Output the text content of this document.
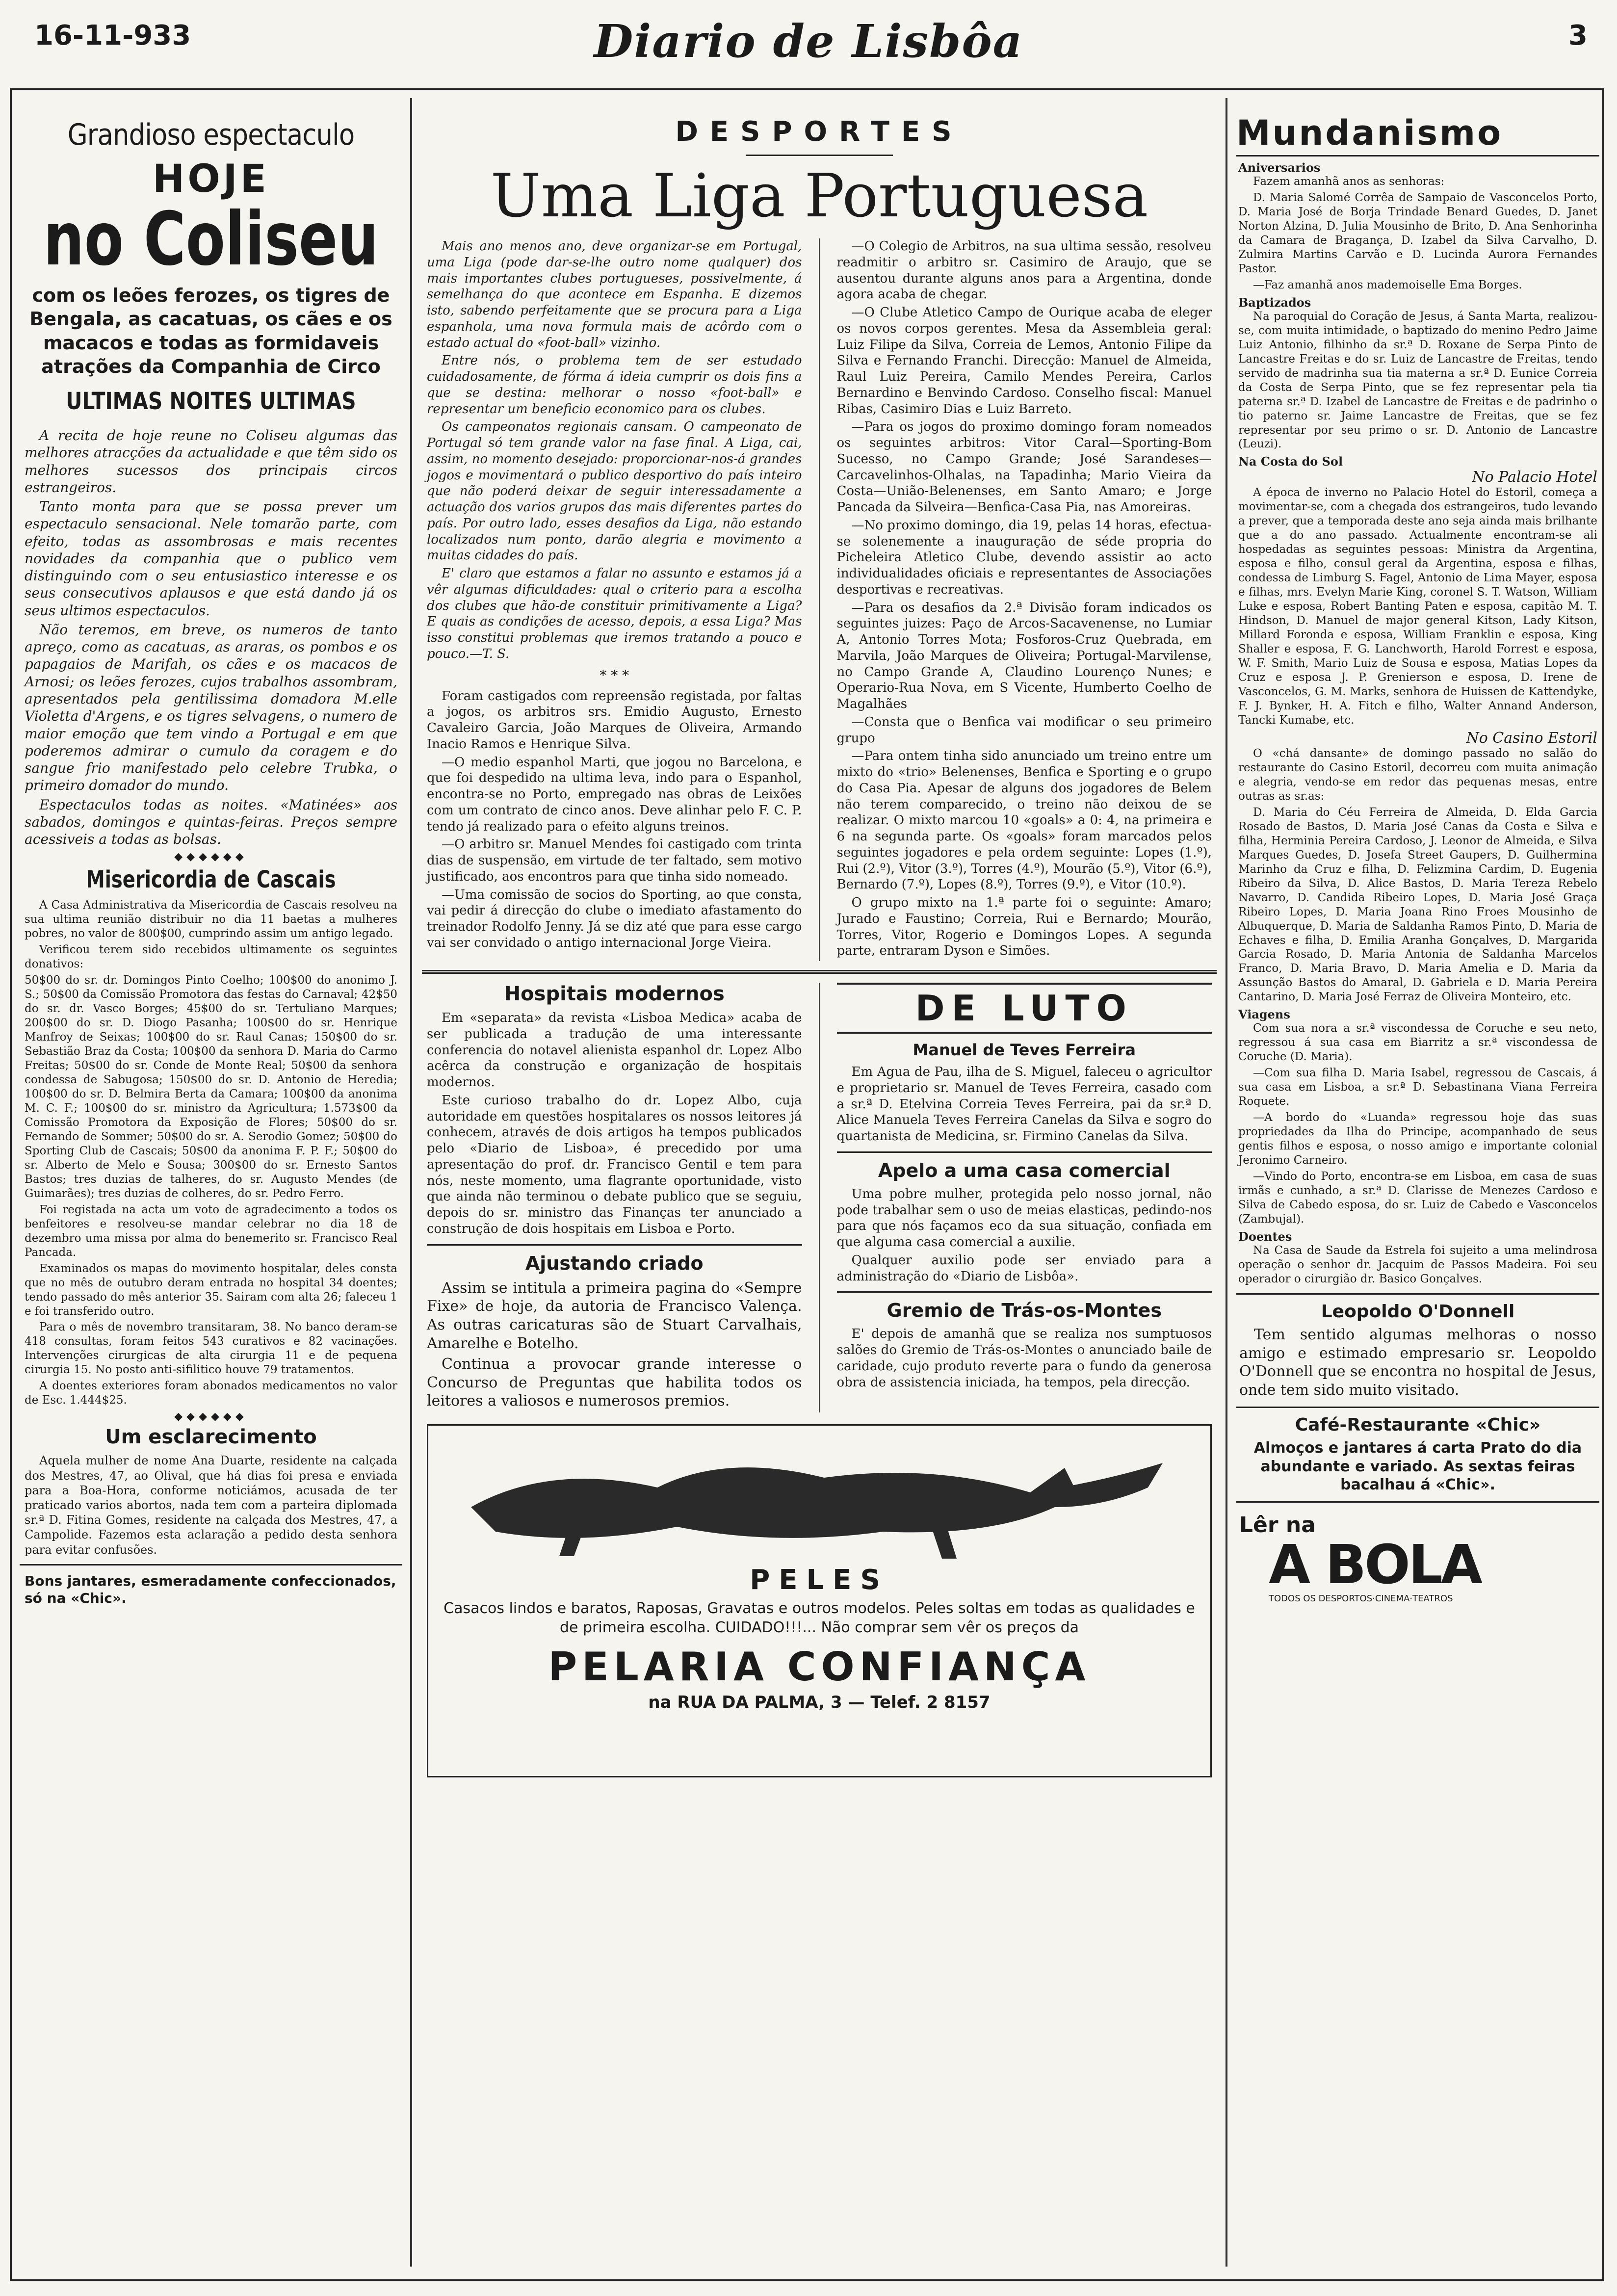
16-11-933	Diario de Lisbôa	3
Grandioso espectaculo
HOJE
no Coliseu
com os leões ferozes, os tigres de Bengala, as cacatuas, os cães e os macacos e todas as formidaveis atrações da Companhia de Circo
ULTIMAS NOITES ULTIMAS

A recita de hoje reune no Coliseu algumas das melhores atracções da actualidade e que têm sido os melhores sucessos dos principais circos estrangeiros.

Tanto monta para que se possa prever um espectaculo sensacional. Nele tomarão parte, com efeito, todas as assombrosas e mais recentes novidades da companhia que o publico vem distinguindo com o seu entusiastico interesse e os seus consecutivos aplausos e que está dando já os seus ultimos espectaculos.

Não teremos, em breve, os numeros de tanto apreço, como as cacatuas, as araras, os pombos e os papagaios de Marifah, os cães e os macacos de Arnosi; os leões ferozes, cujos trabalhos assombram, apresentados pela gentilissima domadora M.elle Violetta d'Argens, e os tigres selvagens, o numero de maior emoção que tem vindo a Portugal e em que poderemos admirar o cumulo da coragem e do sangue frio manifestado pelo celebre Trubka, o primeiro domador do mundo.

Espectaculos todas as noites. «Matinées» aos sabados, domingos e quintas-feiras. Preços sempre acessiveis a todas as bolsas.

◆◆◆◆◆◆
Misericordia de Cascais

A Casa Administrativa da Misericordia de Cascais resolveu na sua ultima reunião distribuir no dia 11 baetas a mulheres pobres, no valor de 800$00, cumprindo assim um antigo legado.

Verificou terem sido recebidos ultimamente os seguintes donativos:

50$00 do sr. dr. Domingos Pinto Coelho; 100$00 do anonimo J. S.; 50$00 da Comissão Promotora das festas do Carnaval; 42$50 do sr. dr. Vasco Borges; 45$00 do sr. Tertuliano Marques; 200$00 do sr. D. Diogo Pasanha; 100$00 do sr. Henrique Manfroy de Seixas; 100$00 do sr. Raul Canas; 150$00 do sr. Sebastião Braz da Costa; 100$00 da senhora D. Maria do Carmo Freitas; 50$00 do sr. Conde de Monte Real; 50$00 da senhora condessa de Sabugosa; 150$00 do sr. D. Antonio de Heredia; 100$00 do sr. D. Belmira Berta da Camara; 100$00 da anonima M. C. F.; 100$00 do sr. ministro da Agricultura; 1.573$00 da Comissão Promotora da Exposição de Flores; 50$00 do sr. Fernando de Sommer; 50$00 do sr. A. Serodio Gomez; 50$00 do Sporting Club de Cascais; 50$00 da anonima F. P. F.; 50$00 do sr. Alberto de Melo e Sousa; 300$00 do sr. Ernesto Santos Bastos; tres duzias de talheres, do sr. Augusto Mendes (de Guimarães); tres duzias de colheres, do sr. Pedro Ferro.

Foi registada na acta um voto de agradecimento a todos os benfeitores e resolveu-se mandar celebrar no dia 18 de dezembro uma missa por alma do benemerito sr. Francisco Real Pancada.

Examinados os mapas do movimento hospitalar, deles consta que no mês de outubro deram entrada no hospital 34 doentes; tendo passado do mês anterior 35. Sairam com alta 26; faleceu 1 e foi transferido outro.

Para o mês de novembro transitaram, 38. No banco deram-se 418 consultas, foram feitos 543 curativos e 82 vacinações. Intervenções cirurgicas de alta cirurgia 11 e de pequena cirurgia 15. No posto anti-sifilitico houve 79 tratamentos.

A doentes exteriores foram abonados medicamentos no valor de Esc. 1.444$25.

◆◆◆◆◆◆
Um esclarecimento

Aquela mulher de nome Ana Duarte, residente na calçada dos Mestres, 47, ao Olival, que há dias foi presa e enviada para a Boa-Hora, conforme noticiámos, acusada de ter praticado varios abortos, nada tem com a parteira diplomada sr.ª D. Fitina Gomes, residente na calçada dos Mestres, 47, a Campolide. Fazemos esta aclaração a pedido desta senhora para evitar confusões.

Bons jantares, esmeradamente confeccionados, só na «Chic».

DESPORTES
Uma Liga Portuguesa

Mais ano menos ano, deve organizar-se em Portugal, uma Liga (pode dar-se-lhe outro nome qualquer) dos mais importantes clubes portugueses, possivelmente, á semelhança do que acontece em Espanha. E dizemos isto, sabendo perfeitamente que se procura para a Liga espanhola, uma nova formula mais de acôrdo com o estado actual do «foot-ball» vizinho.

Entre nós, o problema tem de ser estudado cuidadosamente, de fórma á ideia cumprir os dois fins a que se destina: melhorar o nosso «foot-ball» e representar um beneficio economico para os clubes.

Os campeonatos regionais cansam. O campeonato de Portugal só tem grande valor na fase final. A Liga, cai, assim, no momento desejado: proporcionar-nos-á grandes jogos e movimentará o publico desportivo do país inteiro que não poderá deixar de seguir interessadamente a actuação dos varios grupos das mais diferentes partes do país. Por outro lado, esses desafios da Liga, não estando localizados num ponto, darão alegria e movimento a muitas cidades do país.

E' claro que estamos a falar no assunto e estamos já a vêr algumas dificuldades: qual o criterio para a escolha dos clubes que hão-de constituir primitivamente a Liga? E quais as condições de acesso, depois, a essa Liga? Mas isso constitui problemas que iremos tratando a pouco e pouco.—T. S.

* * *

Foram castigados com repreensão registada, por faltas a jogos, os arbitros srs. Emidio Augusto, Ernesto Cavaleiro Garcia, João Marques de Oliveira, Armando Inacio Ramos e Henrique Silva.

—O medio espanhol Marti, que jogou no Barcelona, e que foi despedido na ultima leva, indo para o Espanhol, encontra-se no Porto, empregado nas obras de Leixões com um contrato de cinco anos. Deve alinhar pelo F. C. P. tendo já realizado para o efeito alguns treinos.

—O arbitro sr. Manuel Mendes foi castigado com trinta dias de suspensão, em virtude de ter faltado, sem motivo justificado, aos encontros para que tinha sido nomeado.

—Uma comissão de socios do Sporting, ao que consta, vai pedir á direcção do clube o imediato afastamento do treinador Rodolfo Jenny. Já se diz até que para esse cargo vai ser convidado o antigo internacional Jorge Vieira.

—O Colegio de Arbitros, na sua ultima sessão, resolveu readmitir o arbitro sr. Casimiro de Araujo, que se ausentou durante alguns anos para a Argentina, donde agora acaba de chegar.

—O Clube Atletico Campo de Ourique acaba de eleger os novos corpos gerentes. Mesa da Assembleia geral: Luiz Filipe da Silva, Correia de Lemos, Antonio Filipe da Silva e Fernando Franchi. Direcção: Manuel de Almeida, Raul Luiz Pereira, Camilo Mendes Pereira, Carlos Bernardino e Benvindo Cardoso. Conselho fiscal: Manuel Ribas, Casimiro Dias e Luiz Barreto.

—Para os jogos do proximo domingo foram nomeados os seguintes arbitros: Vitor Caral—Sporting-Bom Sucesso, no Campo Grande; José Sarandeses—Carcavelinhos-Olhalas, na Tapadinha; Mario Vieira da Costa—União-Belenenses, em Santo Amaro; e Jorge Pancada da Silveira—Benfica-Casa Pia, nas Amoreiras.

—No proximo domingo, dia 19, pelas 14 horas, efectua-se solenemente a inauguração de séde propria do Picheleira Atletico Clube, devendo assistir ao acto individualidades oficiais e representantes de Associações desportivas e recreativas.

—Para os desafios da 2.ª Divisão foram indicados os seguintes juizes: Paço de Arcos-Sacavenense, no Lumiar A, Antonio Torres Mota; Fosforos-Cruz Quebrada, em Marvila, João Marques de Oliveira; Portugal-Marvilense, no Campo Grande A, Claudino Lourenço Nunes; e Operario-Rua Nova, em S Vicente, Humberto Coelho de Magalhães

—Consta que o Benfica vai modificar o seu primeiro grupo

—Para ontem tinha sido anunciado um treino entre um mixto do «trio» Belenenses, Benfica e Sporting e o grupo do Casa Pia. Apesar de alguns dos jogadores de Belem não terem comparecido, o treino não deixou de se realizar. O mixto marcou 10 «goals» a 0: 4, na primeira e 6 na segunda parte. Os «goals» foram marcados pelos seguintes jogadores e pela ordem seguinte: Lopes (1.º), Rui (2.º), Vitor (3.º), Torres (4.º), Mourão (5.º), Vitor (6.º), Bernardo (7.º), Lopes (8.º), Torres (9.º), e Vitor (10.º).

O grupo mixto na 1.ª parte foi o seguinte: Amaro; Jurado e Faustino; Correia, Rui e Bernardo; Mourão, Torres, Vitor, Rogerio e Domingos Lopes. A segunda parte, entraram Dyson e Simões.

Hospitais modernos

Em «separata» da revista «Lisboa Medica» acaba de ser publicada a tradução de uma interessante conferencia do notavel alienista espanhol dr. Lopez Albo acêrca da construção e organização de hospitais modernos.

Este curioso trabalho do dr. Lopez Albo, cuja autoridade em questões hospitalares os nossos leitores já conhecem, através de dois artigos ha tempos publicados pelo «Diario de Lisboa», é precedido por uma apresentação do prof. dr. Francisco Gentil e tem para nós, neste momento, uma flagrante oportunidade, visto que ainda não terminou o debate publico que se seguiu, depois do sr. ministro das Finanças ter anunciado a construção de dois hospitais em Lisboa e Porto.

Ajustando criado

Assim se intitula a primeira pagina do «Sempre Fixe» de hoje, da autoria de Francisco Valença. As outras caricaturas são de Stuart Carvalhais, Amarelhe e Botelho.

Continua a provocar grande interesse o Concurso de Preguntas que habilita todos os leitores a valiosos e numerosos premios.

DE LUTO
Manuel de Teves Ferreira

Em Agua de Pau, ilha de S. Miguel, faleceu o agricultor e proprietario sr. Manuel de Teves Ferreira, casado com a sr.ª D. Etelvina Correia Teves Ferreira, pai da sr.ª D. Alice Manuela Teves Ferreira Canelas da Silva e sogro do quartanista de Medicina, sr. Firmino Canelas da Silva.

Apelo a uma casa comercial

Uma pobre mulher, protegida pelo nosso jornal, não pode trabalhar sem o uso de meias elasticas, pedindo-nos para que nós façamos eco da sua situação, confiada em que alguma casa comercial a auxilie.

Qualquer auxilio pode ser enviado para a administração do «Diario de Lisbôa».

Gremio de Trás-os-Montes

E' depois de amanhã que se realiza nos sumptuosos salões do Gremio de Trás-os-Montes o anunciado baile de caridade, cujo produto reverte para o fundo da generosa obra de assistencia iniciada, ha tempos, pela direcção.

PELES

Casacos lindos e baratos, Raposas, Gravatas e outros modelos. Peles soltas em todas as qualidades e de primeira escolha. CUIDADO!!!... Não comprar sem vêr os preços da

PELARIA CONFIANÇA
na RUA DA PALMA, 3 — Telef. 2 8157
Mundanismo
Aniversarios

Fazem amanhã anos as senhoras:

D. Maria Salomé Corrêa de Sampaio de Vasconcelos Porto, D. Maria José de Borja Trindade Benard Guedes, D. Janet Norton Alzina, D. Julia Mousinho de Brito, D. Ana Senhorinha da Camara de Bragança, D. Izabel da Silva Carvalho, D. Zulmira Martins Carvão e D. Lucinda Aurora Fernandes Pastor.

—Faz amanhã anos mademoiselle Ema Borges.

Baptizados

Na paroquial do Coração de Jesus, á Santa Marta, realizou-se, com muita intimidade, o baptizado do menino Pedro Jaime Luiz Antonio, filhinho da sr.ª D. Roxane de Serpa Pinto de Lancastre Freitas e do sr. Luiz de Lancastre de Freitas, tendo servido de madrinha sua tia materna a sr.ª D. Eunice Correia da Costa de Serpa Pinto, que se fez representar pela tia paterna sr.ª D. Izabel de Lancastre de Freitas e de padrinho o tio paterno sr. Jaime Lancastre de Freitas, que se fez representar por seu primo o sr. D. Antonio de Lancastre (Leuzi).

Na Costa do Sol
No Palacio Hotel

A época de inverno no Palacio Hotel do Estoril, começa a movimentar-se, com a chegada dos estrangeiros, tudo levando a prever, que a temporada deste ano seja ainda mais brilhante que a do ano passado. Actualmente encontram-se ali hospedadas as seguintes pessoas: Ministra da Argentina, esposa e filho, consul geral da Argentina, esposa e filhas, condessa de Limburg S. Fagel, Antonio de Lima Mayer, esposa e filhas, mrs. Evelyn Marie King, coronel S. T. Watson, William Luke e esposa, Robert Banting Paten e esposa, capitão M. T. Hindson, D. Manuel de major general Kitson, Lady Kitson, Millard Foronda e esposa, William Franklin e esposa, King Shaller e esposa, F. G. Lanchworth, Harold Forrest e esposa, W. F. Smith, Mario Luiz de Sousa e esposa, Matias Lopes da Cruz e esposa J. P. Grenierson e esposa, D. Irene de Vasconcelos, G. M. Marks, senhora de Huissen de Kattendyke, F. J. Bynker, H. A. Fitch e filho, Walter Annand Anderson, Tancki Kumabe, etc.

No Casino Estoril

O «chá dansante» de domingo passado no salão do restaurante do Casino Estoril, decorreu com muita animação e alegria, vendo-se em redor das pequenas mesas, entre outras as sr.as:

D. Maria do Céu Ferreira de Almeida, D. Elda Garcia Rosado de Bastos, D. Maria José Canas da Costa e Silva e filha, Herminia Pereira Cardoso, J. Leonor de Almeida, e Silva Marques Guedes, D. Josefa Street Gaupers, D. Guilhermina Marinho da Cruz e filha, D. Felizmina Cardim, D. Eugenia Ribeiro da Silva, D. Alice Bastos, D. Maria Tereza Rebelo Navarro, D. Candida Ribeiro Lopes, D. Maria José Graça Ribeiro Lopes, D. Maria Joana Rino Froes Mousinho de Albuquerque, D. Maria de Saldanha Ramos Pinto, D. Maria de Echaves e filha, D. Emilia Aranha Gonçalves, D. Margarida Garcia Rosado, D. Maria Antonia de Saldanha Marcelos Franco, D. Maria Bravo, D. Maria Amelia e D. Maria da Assunção Bastos do Amaral, D. Gabriela e D. Maria Pereira Cantarino, D. Maria José Ferraz de Oliveira Monteiro, etc.

Viagens

Com sua nora a sr.ª viscondessa de Coruche e seu neto, regressou á sua casa em Biarritz a sr.ª viscondessa de Coruche (D. Maria).

—Com sua filha D. Maria Isabel, regressou de Cascais, á sua casa em Lisboa, a sr.ª D. Sebastinana Viana Ferreira Roquete.

—A bordo do «Luanda» regressou hoje das suas propriedades da Ilha do Principe, acompanhado de seus gentis filhos e esposa, o nosso amigo e importante colonial Jeronimo Carneiro.

—Vindo do Porto, encontra-se em Lisboa, em casa de suas irmãs e cunhado, a sr.ª D. Clarisse de Menezes Cardoso e Silva de Cabedo esposa, do sr. Luiz de Cabedo e Vasconcelos (Zambujal).

Doentes

Na Casa de Saude da Estrela foi sujeito a uma melindrosa operação o senhor dr. Jacquim de Passos Madeira. Foi seu operador o cirurgião dr. Basico Gonçalves.

Leopoldo O'Donnell

Tem sentido algumas melhoras o nosso amigo e estimado empresario sr. Leopoldo O'Donnell que se encontra no hospital de Jesus, onde tem sido muito visitado.

Café-Restaurante «Chic»

Almoços e jantares á carta Prato do dia abundante e variado. As sextas feiras bacalhau á «Chic».

Lêr na
A BOLA
TODOS OS DESPORTOS·CINEMA·TEATROS
